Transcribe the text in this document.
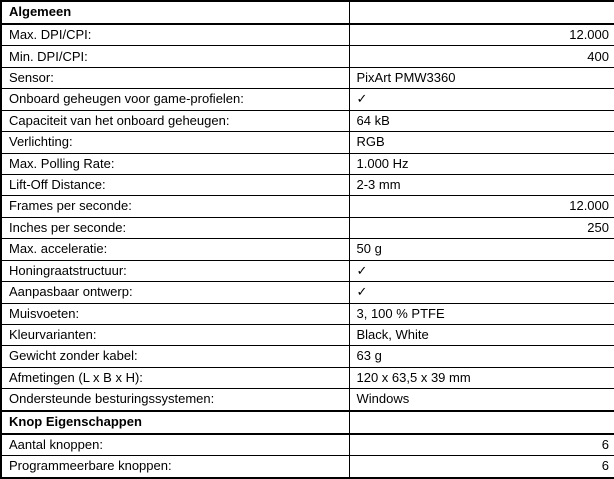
Algemeen	
Max. DPI/CPI:	12.000
Min. DPI/CPI:	400
Sensor:	PixArt PMW3360
Onboard geheugen voor game-profielen:	✓
Capaciteit van het onboard geheugen:	64 kB
Verlichting:	RGB
Max. Polling Rate:	1.000 Hz
Lift-Off Distance:	2-3 mm
Frames per seconde:	12.000
Inches per seconde:	250
Max. acceleratie:	50 g
Honingraatstructuur:	✓
Aanpasbaar ontwerp:	✓
Muisvoeten:	3, 100 % PTFE
Kleurvarianten:	Black, White
Gewicht zonder kabel:	63 g
Afmetingen (L x B x H):	120 x 63,5 x 39 mm
Ondersteunde besturingssystemen:	Windows

Knop Eigenschappen	
Aantal knoppen:	6
Programmeerbare knoppen:	6
